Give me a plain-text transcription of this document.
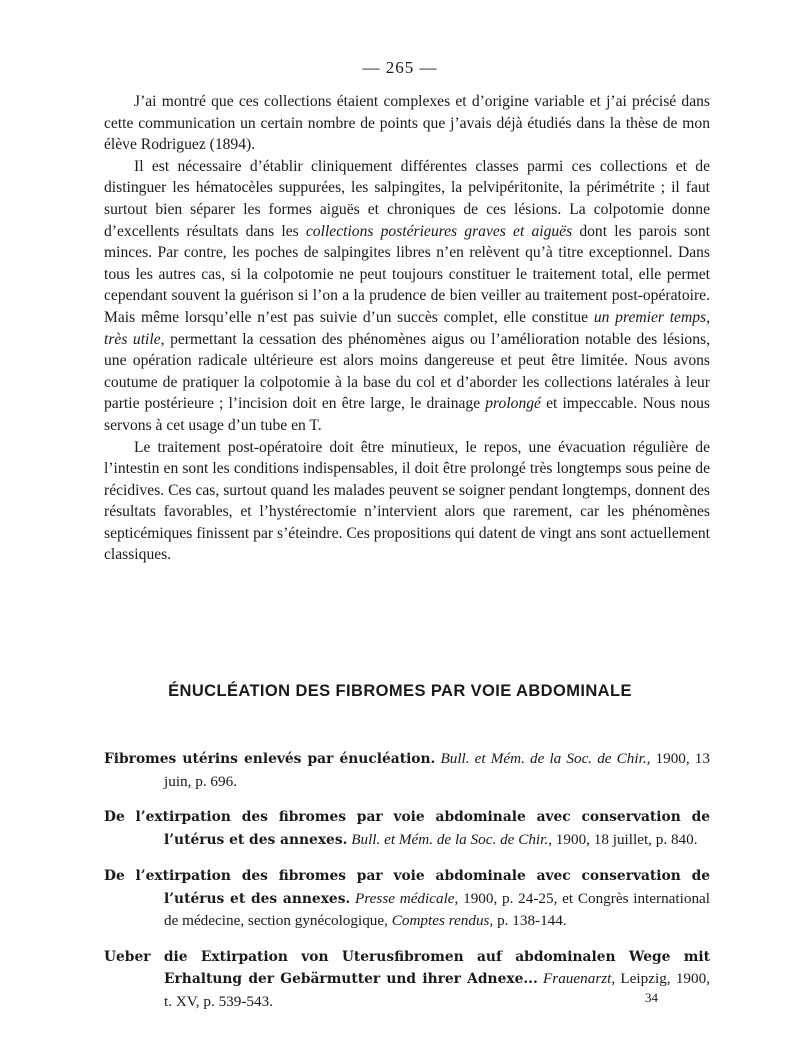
— 265 —

J’ai montré que ces collections étaient complexes et d’origine variable et j’ai précisé dans cette communication un certain nombre de points que j’avais déjà étudiés dans la thèse de mon élève Rodriguez (1894).

Il est nécessaire d’établir cliniquement différentes classes parmi ces collections et de distinguer les hématocèles suppurées, les salpingites, la pelvipéritonite, la périmétrite ; il faut surtout bien séparer les formes aiguës et chroniques de ces lésions. La colpotomie donne d’excellents résultats dans les collections postérieures graves et aiguës dont les parois sont minces. Par contre, les poches de salpingites libres n’en relèvent qu’à titre exceptionnel. Dans tous les autres cas, si la colpotomie ne peut toujours constituer le traitement total, elle permet cependant souvent la guérison si l’on a la prudence de bien veiller au traitement post-opératoire. Mais même lorsqu’elle n’est pas suivie d’un succès complet, elle constitue un premier temps, très utile, permettant la cessation des phénomènes aigus ou l’amélioration notable des lésions, une opération radicale ultérieure est alors moins dangereuse et peut être limitée. Nous avons coutume de pratiquer la colpotomie à la base du col et d’aborder les collections latérales à leur partie postérieure ; l’incision doit en être large, le drainage prolongé et impeccable. Nous nous servons à cet usage d’un tube en T.

Le traitement post-opératoire doit être minutieux, le repos, une évacuation régulière de l’intestin en sont les conditions indispensables, il doit être prolongé très longtemps sous peine de récidives. Ces cas, surtout quand les malades peuvent se soigner pendant longtemps, donnent des résultats favorables, et l’hystérectomie n’intervient alors que rarement, car les phénomènes septicémiques finissent par s’éteindre. Ces propositions qui datent de vingt ans sont actuellement classiques.

ÉNUCLÉATION DES FIBROMES PAR VOIE ABDOMINALE
Fibromes utérins enlevés par énucléation. Bull. et Mém. de la Soc. de Chir., 1900, 13 juin, p. 696.
De l’extirpation des fibromes par voie abdominale avec conservation de l’utérus et des annexes. Bull. et Mém. de la Soc. de Chir., 1900, 18 juillet, p. 840.
De l’extirpation des fibromes par voie abdominale avec conservation de l’utérus et des annexes. Presse médicale, 1900, p. 24-25, et Congrès international de médecine, section gynécologique, Comptes rendus, p. 138-144.
Ueber die Extirpation von Uterusfibromen auf abdominalen Wege mit Erhaltung der Gebärmutter und ihrer Adnexe... Frauenarzt, Leipzig, 1900, t. XV, p. 539-543.	34
